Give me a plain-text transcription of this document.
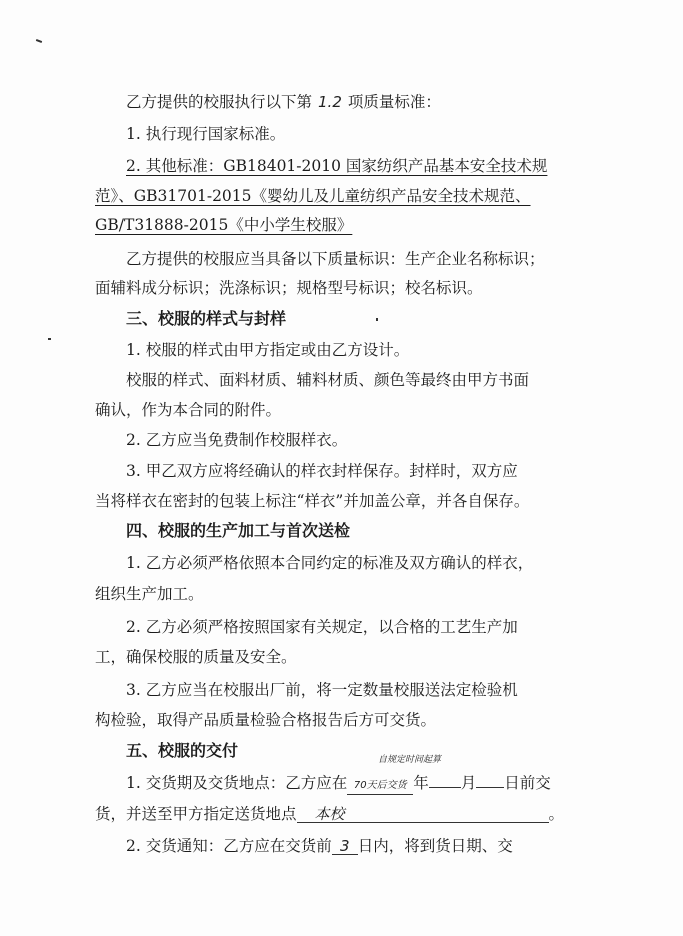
乙方提供的校服执行以下第 1.2 项质量标准：
1. 执行现行国家标准。
2. 其他标准：GB18401-2010 国家纺织产品基本安全技术规
范》、GB31701-2015《婴幼儿及儿童纺织产品安全技术规范、
GB/T31888-2015《中小学生校服》
乙方提供的校服应当具备以下质量标识：生产企业名称标识；
面辅料成分标识；洗涤标识；规格型号标识；校名标识。
三、校服的样式与封样
1. 校服的样式由甲方指定或由乙方设计。
校服的样式、面料材质、辅料材质、颜色等最终由甲方书面
确认，作为本合同的附件。
2. 乙方应当免费制作校服样衣。
3. 甲乙双方应将经确认的样衣封样保存。封样时，双方应
当将样衣在密封的包装上标注“样衣”并加盖公章，并各自保存。
四、校服的生产加工与首次送检
1. 乙方必须严格依照本合同约定的标准及双方确认的样衣，
组织生产加工。
2. 乙方必须严格按照国家有关规定，以合格的工艺生产加
工，确保校服的质量及安全。
3. 乙方应当在校服出厂前，将一定数量校服送法定检验机
构检验，取得产品质量检验合格报告后方可交货。
五、校服的交付	自规定时间起算
1. 交货期及交货地点：乙方应在 70天后交货 年 月 日前交
货，并送至甲方指定送货地点 本校	。
2. 交货通知：乙方应在交货前 3 日内，将到货日期、交
